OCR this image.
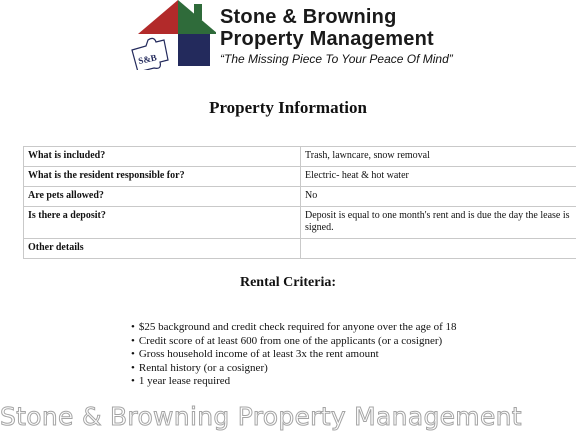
S&B
Stone & Browning
Property Management
“The Missing Piece To Your Peace Of Mind”
Property Information
What is included?	Trash, lawncare, snow removal
What is the resident responsible for?	Electric- heat & hot water
Are pets allowed?	No
Is there a deposit?	Deposit is equal to one month's rent and is due the day the lease is signed.
Other details	
Rental Criteria:
• $25 background and credit check required for anyone over the age of 18
• Credit score of at least 600 from one of the applicants (or a cosigner)
• Gross household income of at least 3x the rent amount
• Rental history (or a cosigner)
• 1 year lease required
Stone & Browning Property Management
